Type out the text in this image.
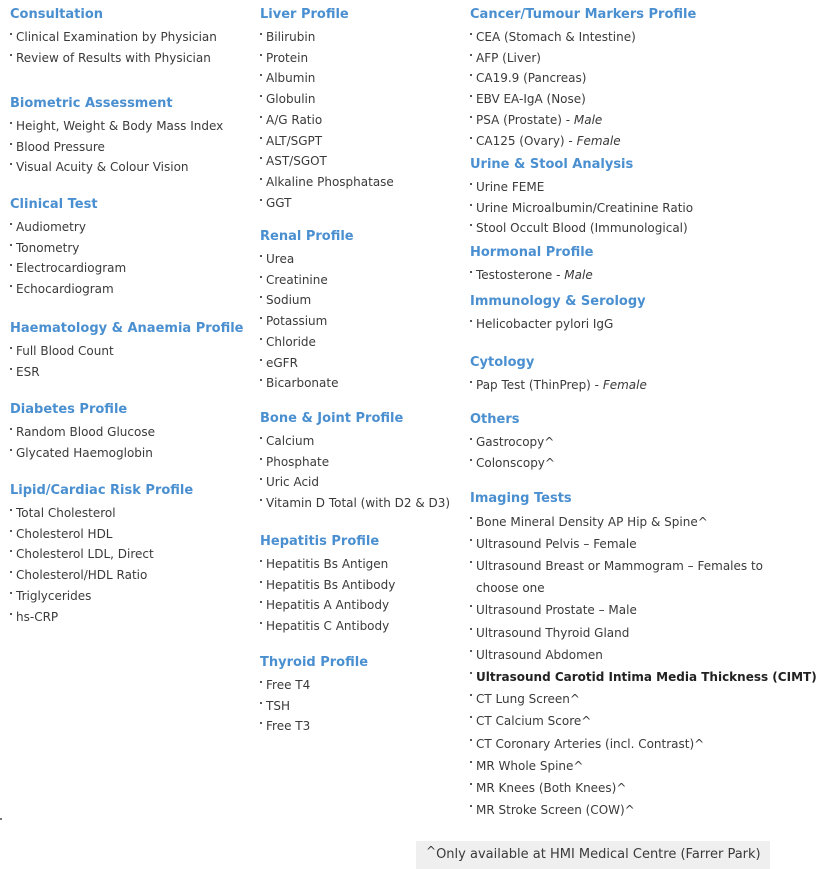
Consultation
Clinical Examination by Physician
Review of Results with Physician
Biometric Assessment
Height, Weight & Body Mass Index
Blood Pressure
Visual Acuity & Colour Vision
Clinical Test
Audiometry
Tonometry
Electrocardiogram
Echocardiogram
Haematology & Anaemia Profile
Full Blood Count
ESR
Diabetes Profile
Random Blood Glucose
Glycated Haemoglobin
Lipid/Cardiac Risk Profile
Total Cholesterol
Cholesterol HDL
Cholesterol LDL, Direct
Cholesterol/HDL Ratio
Triglycerides
hs-CRP
Liver Profile
Bilirubin
Protein
Albumin
Globulin
A/G Ratio
ALT/SGPT
AST/SGOT
Alkaline Phosphatase
GGT
Renal Profile
Urea
Creatinine
Sodium
Potassium
Chloride
eGFR
Bicarbonate
Bone & Joint Profile
Calcium
Phosphate
Uric Acid
Vitamin D Total (with D2 & D3)
Hepatitis Profile
Hepatitis Bs Antigen
Hepatitis Bs Antibody
Hepatitis A Antibody
Hepatitis C Antibody
Thyroid Profile
Free T4
TSH
Free T3
Cancer/Tumour Markers Profile
CEA (Stomach & Intestine)
AFP (Liver)
CA19.9 (Pancreas)
EBV EA-IgA (Nose)
PSA (Prostate) - Male
CA125 (Ovary) - Female
Urine & Stool Analysis
Urine FEME
Urine Microalbumin/Creatinine Ratio
Stool Occult Blood (Immunological)
Hormonal Profile
Testosterone - Male
Immunology & Serology
Helicobacter pylori IgG
Cytology
Pap Test (ThinPrep) - Female
Others
Gastrocopy^
Colonscopy^
Imaging Tests
Bone Mineral Density AP Hip & Spine^
Ultrasound Pelvis – Female
Ultrasound Breast or Mammogram – Females to choose one
Ultrasound Prostate – Male
Ultrasound Thyroid Gland
Ultrasound Abdomen
Ultrasound Carotid Intima Media Thickness (CIMT)
CT Lung Screen^
CT Calcium Score^
CT Coronary Arteries (incl. Contrast)^
MR Whole Spine^
MR Knees (Both Knees)^
MR Stroke Screen (COW)^
^Only available at HMI Medical Centre (Farrer Park)
